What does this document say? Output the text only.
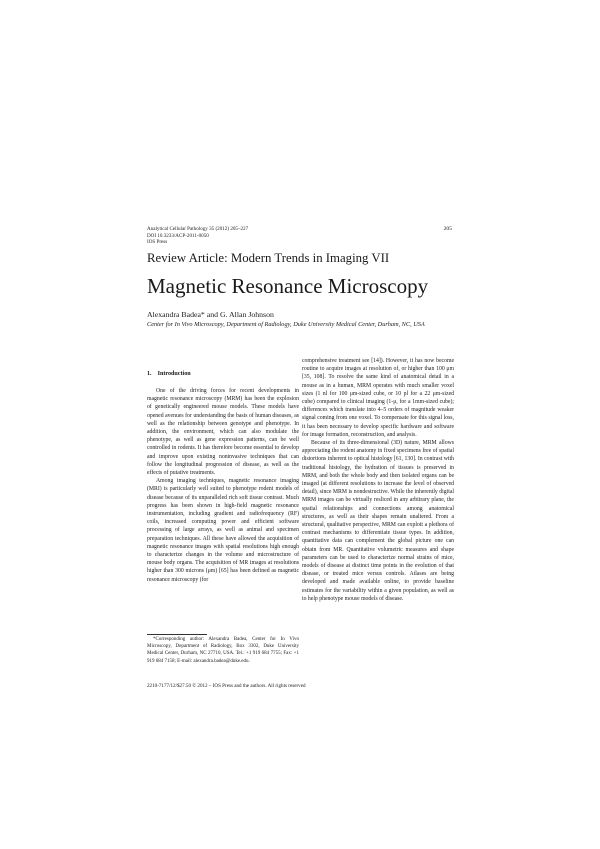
Analytical Cellular Pathology 35 (2012) 205–227
DOI 10.3233/ACP-2011-0050
IOS Press
205
Review Article: Modern Trends in Imaging VII
Magnetic Resonance Microscopy
Alexandra Badea* and G. Allan Johnson
Center for In Vivo Microscopy, Department of Radiology, Duke University Medical Center, Durham, NC, USA
1. Introduction

One of the driving forces for recent developments in magnetic resonance microscopy (MRM) has been the explosion of genetically engineered mouse models. These models have opened avenues for understanding the basis of human diseases, as well as the relationship between genotype and phenotype. In addition, the environment, which can also modulate the phenotype, as well as gene expression patterns, can be well controlled in rodents. It has therefore become essential to develop and improve upon existing noninvasive techniques that can follow the longitudinal progression of disease, as well as the effects of putative treatments.

Among imaging techniques, magnetic resonance imaging (MRI) is particularly well suited to phenotype rodent models of disease because of its unparalleled rich soft tissue contrast. Much progress has been shown in high-field magnetic resonance instrumentation, including gradient and radiofrequency (RF) coils, increased computing power and efficient software processing of large arrays, as well as animal and specimen preparation techniques. All these have allowed the acquisition of magnetic resonance images with spatial resolutions high enough to characterize changes in the volume and microstructure of mouse body organs. The acquisition of MR images at resolutions higher than 300 microns (μm) [65] has been defined as magnetic resonance microscopy (for

comprehensive treatment see [14]). However, it has now become routine to acquire images at resolution of, or higher than 100 μm [35, 108]. To resolve the same kind of anatomical detail in a mouse as in a human, MRM operates with much smaller voxel sizes (1 nl for 100 μm-sized cube, or 10 pl for a 22 μm-sized cube) compared to clinical imaging (1-μ, for a 1mm-sized cube); differences which translate into 4–5 orders of magnitude weaker signal coming from one voxel. To compensate for this signal loss, it has been necessary to develop specific hardware and software for image formation, reconstruction, and analysis.

Because of its three-dimensional (3D) nature, MRM allows appreciating the rodent anatomy in fixed specimens free of spatial distortions inherent to optical histology [61, 130]. In contrast with traditional histology, the hydration of tissues is preserved in MRM, and both the whole body and then isolated organs can be imaged (at different resolutions to increase the level of observed detail), since MRM is nondestructive. While the inherently digital MRM images can be virtually resliced in any arbitrary plane, the spatial relationships and connections among anatomical structures, as well as their shapes remain unaltered. From a structural, qualitative perspective, MRM can exploit a plethora of contrast mechanisms to differentiate tissue types. In addition, quantitative data can complement the global picture one can obtain from MR. Quantitative volumetric measures and shape parameters can be used to characterize normal strains of mice, models of disease at distinct time points in the evolution of that disease, or treated mice versus controls. Atlases are being developed and made available online, to provide baseline estimates for the variability within a given population, as well as to help phenotype mouse models of disease.

*Corresponding author: Alexandra Badea, Center for In Vivo Microscopy, Department of Radiology, Box 3302, Duke University Medical Center, Durham, NC 27710, USA. Tel.: +1 919 684 7755; Fax: +1 919 684 7158; E-mail: alexandra.badea@duke.edu.

2210-7177/12/$27.50 © 2012 – IOS Press and the authors. All rights reserved
